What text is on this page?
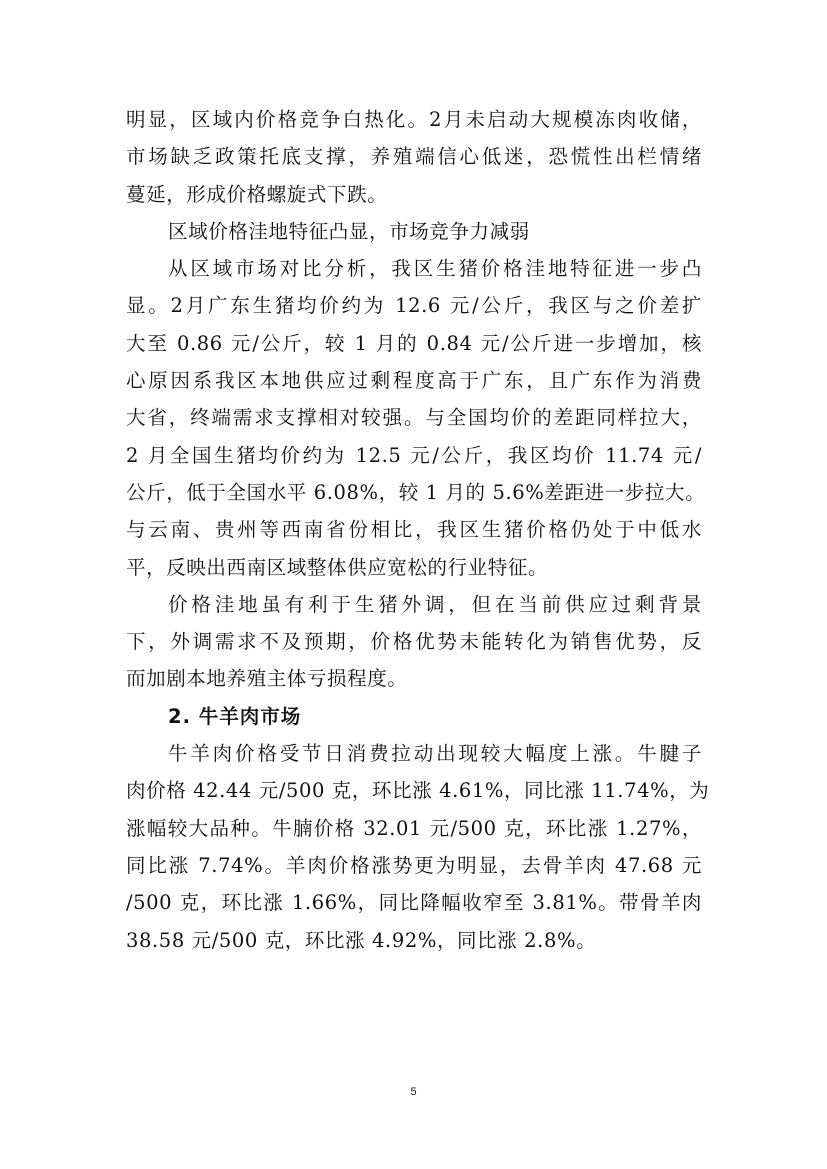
明显，区域内价格竞争白热化。2月未启动大规模冻肉收储，
市场缺乏政策托底支撑，养殖端信心低迷，恐慌性出栏情绪
蔓延，形成价格螺旋式下跌。
区域价格洼地特征凸显，市场竞争力减弱
从区域市场对比分析，我区生猪价格洼地特征进一步凸
显。2月广东生猪均价约为 12.6 元/公斤，我区与之价差扩
大至 0.86 元/公斤，较 1 月的 0.84 元/公斤进一步增加，核
心原因系我区本地供应过剩程度高于广东，且广东作为消费
大省，终端需求支撑相对较强。与全国均价的差距同样拉大，
2 月全国生猪均价约为 12.5 元/公斤，我区均价 11.74 元/
公斤，低于全国水平 6.08%，较 1 月的 5.6%差距进一步拉大。
与云南、贵州等西南省份相比，我区生猪价格仍处于中低水
平，反映出西南区域整体供应宽松的行业特征。
价格洼地虽有利于生猪外调，但在当前供应过剩背景
下，外调需求不及预期，价格优势未能转化为销售优势，反
而加剧本地养殖主体亏损程度。
2. 牛羊肉市场
牛羊肉价格受节日消费拉动出现较大幅度上涨。牛腱子
肉价格 42.44 元/500 克，环比涨 4.61%，同比涨 11.74%，为
涨幅较大品种。牛腩价格 32.01 元/500 克，环比涨 1.27%，
同比涨 7.74%。羊肉价格涨势更为明显，去骨羊肉 47.68 元
/500 克，环比涨 1.66%，同比降幅收窄至 3.81%。带骨羊肉
38.58 元/500 克，环比涨 4.92%，同比涨 2.8%。
5
